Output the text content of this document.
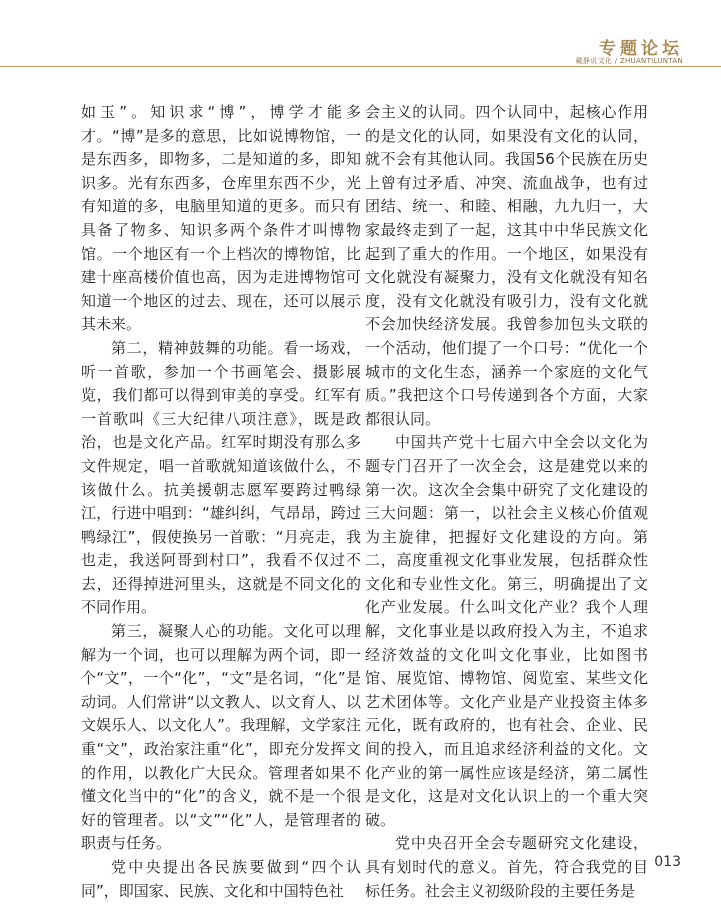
专题论坛
戴静说文化 / ZHUANTILUNTAN

如玉”。知识求“博”，博学才能多才。“博”是多的意思，比如说博物馆，一是东西多，即物多，二是知道的多，即知识多。光有东西多，仓库里东西不少，光有知道的多，电脑里知道的更多。而只有具备了物多、知识多两个条件才叫博物馆。一个地区有一个上档次的博物馆，比建十座高楼价值也高，因为走进博物馆可知道一个地区的过去、现在，还可以展示其未来。

第二，精神鼓舞的功能。看一场戏，听一首歌，参加一个书画笔会、摄影展览，我们都可以得到审美的享受。红军有一首歌叫《三大纪律八项注意》，既是政治，也是文化产品。红军时期没有那么多文件规定，唱一首歌就知道该做什么，不该做什么。抗美援朝志愿军要跨过鸭绿江，行进中唱到：“雄纠纠，气昂昂，跨过鸭绿江”，假使换另一首歌：“月亮走，我也走，我送阿哥到村口”，我看不仅过不去，还得掉进河里头，这就是不同文化的不同作用。

第三，凝聚人心的功能。文化可以理解为一个词，也可以理解为两个词，即一个“文”，一个“化”，“文”是名词，“化”是动词。人们常讲“以文教人、以文育人、以文娱乐人、以文化人”。我理解，文学家注重“文”，政治家注重“化”，即充分发挥文的作用，以教化广大民众。管理者如果不懂文化当中的“化”的含义，就不是一个很好的管理者。以“文”“化”人，是管理者的职责与任务。

党中央提出各民族要做到“四个认同”，即国家、民族、文化和中国特色社

会主义的认同。四个认同中，起核心作用的是文化的认同，如果没有文化的认同，就不会有其他认同。我国56个民族在历史上曾有过矛盾、冲突、流血战争，也有过团结、统一、和睦、相融，九九归一，大家最终走到了一起，这其中中华民族文化起到了重大的作用。一个地区，如果没有文化就没有凝聚力，没有文化就没有知名度，没有文化就没有吸引力，没有文化就不会加快经济发展。我曾参加包头文联的一个活动，他们提了一个口号：“优化一个城市的文化生态，涵养一个家庭的文化气质。”我把这个口号传递到各个方面，大家都很认同。

中国共产党十七届六中全会以文化为题专门召开了一次全会，这是建党以来的第一次。这次全会集中研究了文化建设的三大问题：第一，以社会主义核心价值观为主旋律，把握好文化建设的方向。第二，高度重视文化事业发展，包括群众性文化和专业性文化。第三，明确提出了文化产业发展。什么叫文化产业？我个人理解，文化事业是以政府投入为主，不追求经济效益的文化叫文化事业，比如图书馆、展览馆、博物馆、阅览室、某些文化艺术团体等。文化产业是产业投资主体多元化，既有政府的，也有社会、企业、民间的投入，而且追求经济利益的文化。文化产业的第一属性应该是经济，第二属性是文化，这是对文化认识上的一个重大突破。

党中央召开全会专题研究文化建设，具有划时代的意义。首先，符合我党的目标任务。社会主义初级阶段的主要任务是

013
